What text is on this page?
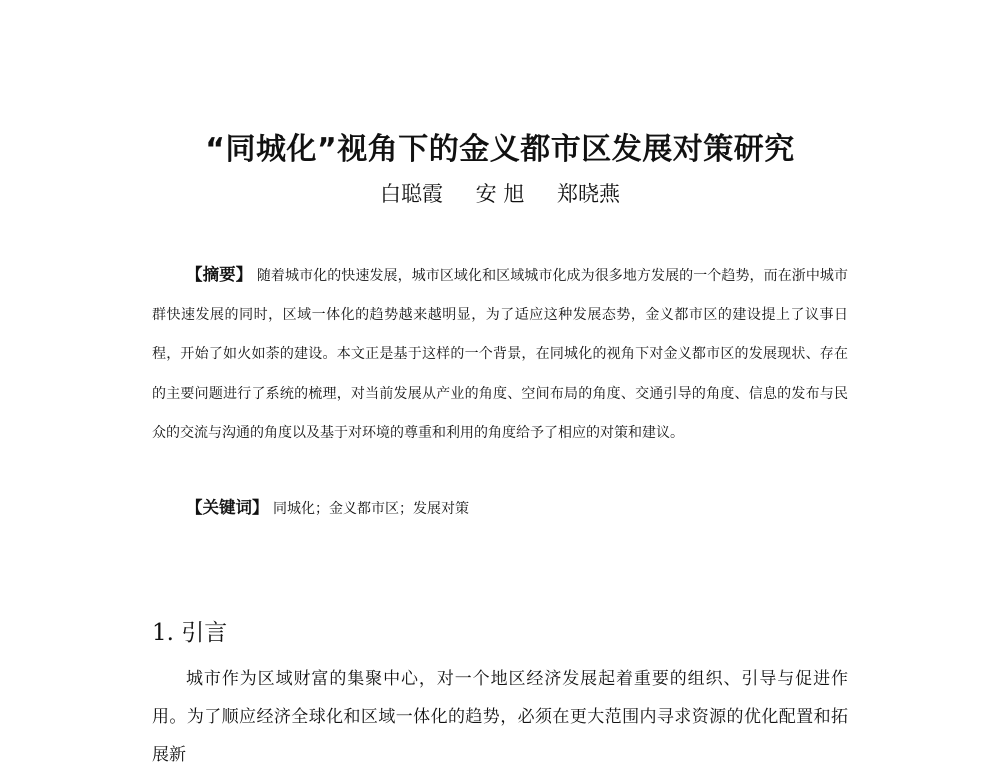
“同城化”视角下的金义都市区发展对策研究
白聪霞 安 旭 郑晓燕
【摘要】 随着城市化的快速发展，城市区域化和区域城市化成为很多地方发展的一个趋势，而在浙中城市群快速发展的同时，区域一体化的趋势越来越明显，为了适应这种发展态势，金义都市区的建设提上了议事日程，开始了如火如荼的建设。本文正是基于这样的一个背景，在同城化的视角下对金义都市区的发展现状、存在的主要问题进行了系统的梳理，对当前发展从产业的角度、空间布局的角度、交通引导的角度、信息的发布与民众的交流与沟通的角度以及基于对环境的尊重和利用的角度给予了相应的对策和建议。
【关键词】 同城化；金义都市区；发展对策
1. 引言
城市作为区域财富的集聚中心，对一个地区经济发展起着重要的组织、引导与促进作用。为了顺应经济全球化和区域一体化的趋势，必须在更大范围内寻求资源的优化配置和拓展新
